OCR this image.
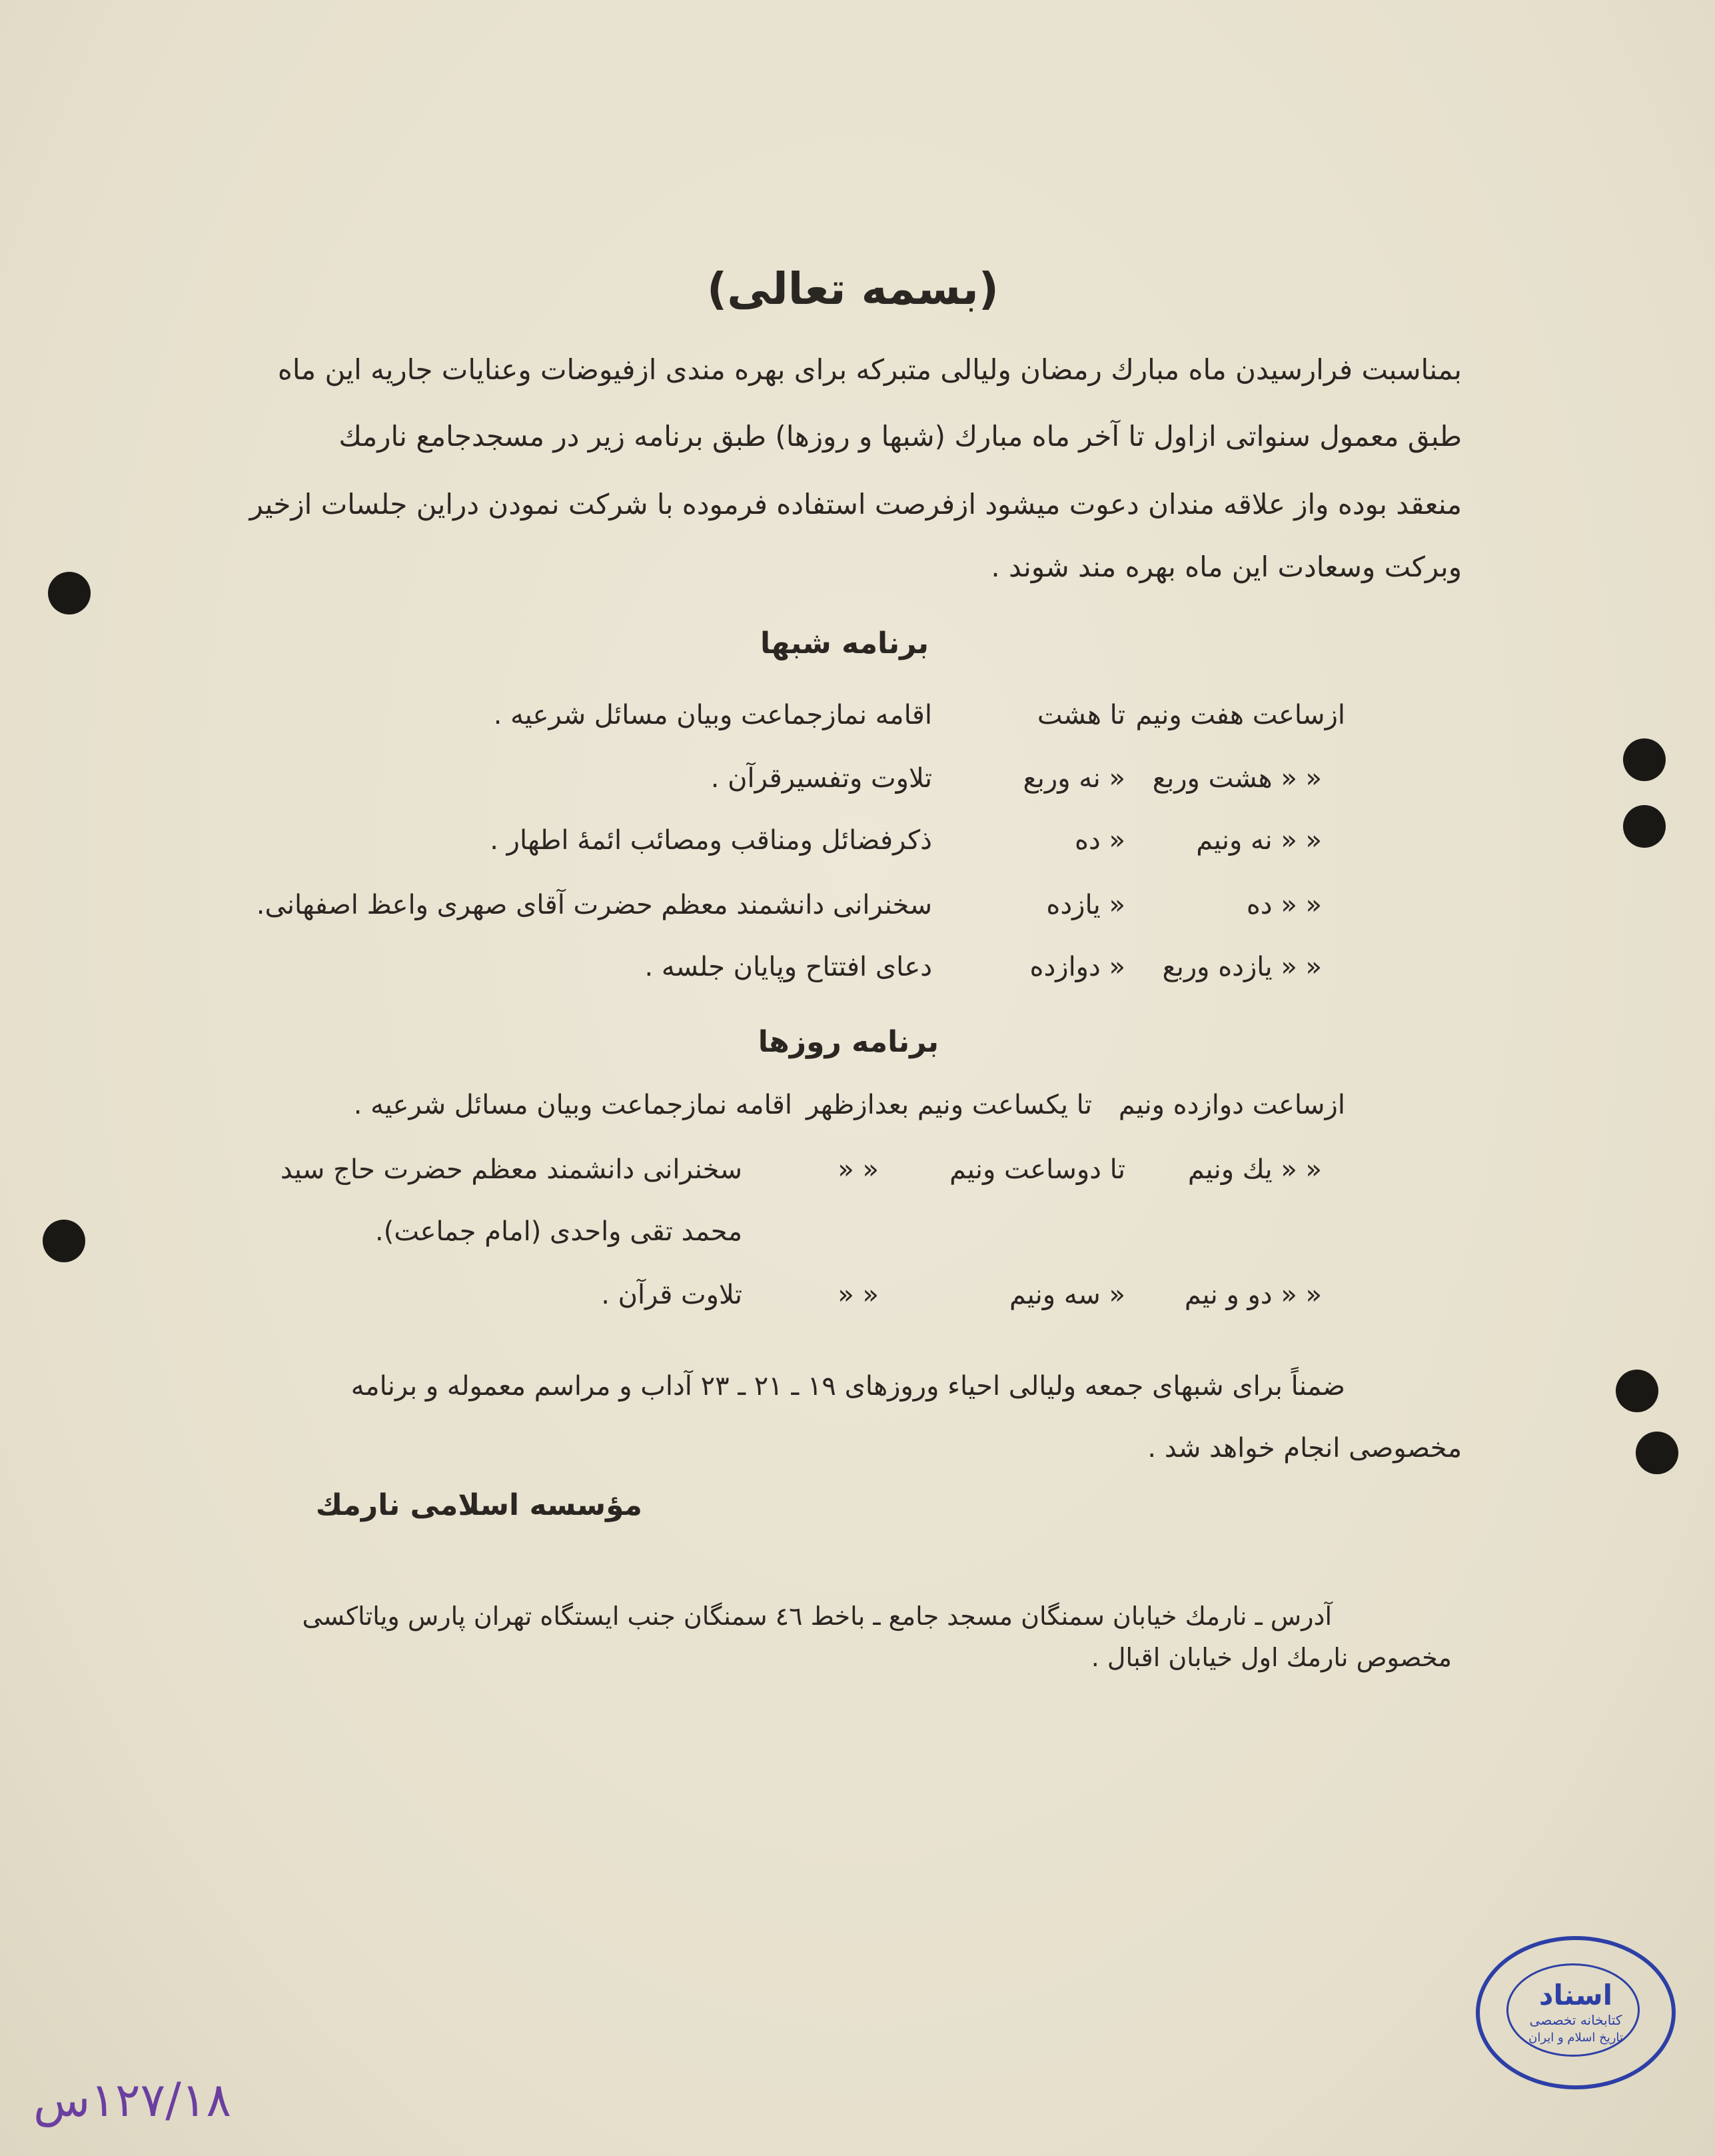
(بسمه تعالی)
بمناسبت فرارسیدن ماه مبارك رمضان ولیالی متبرکه برای بهره مندی ازفیوضات وعنایات جاریه این ماه
طبق معمول سنواتی ازاول تا آخر ماه مبارك (شبها و روزها) طبق برنامه زیر در مسجدجامع نارمك
منعقد بوده واز علاقه مندان دعوت میشود ازفرصت استفاده فرموده با شرکت نمودن دراین جلسات ازخیر
وبرکت وسعادت این ماه بهره مند شوند .
برنامه شبها
ازساعت هفت ونیم
تا هشت
اقامه نمازجماعت وبیان مسائل شرعیه .
« « هشت وربع
« نه وربع
تلاوت وتفسیرقرآن .
« « نه ونیم
« ده
ذکرفضائل ومناقب ومصائب ائمهٔ اطهار .
« « ده
« یازده
سخنرانی دانشمند معظم حضرت آقای صهری واعظ اصفهانی.
« « یازده وربع
« دوازده
دعای افتتاح وپایان جلسه .
برنامه روزها
ازساعت دوازده ونیم
تا یکساعت ونیم بعدازظهر
اقامه نمازجماعت وبیان مسائل شرعیه .
« « یك ونیم
تا دوساعت ونیم
« «
سخنرانی دانشمند معظم حضرت حاج سید
محمد تقی واحدی (امام جماعت).
« « دو و نیم
« سه ونیم
« «
تلاوت قرآن .
ضمناً برای شبهای جمعه ولیالی احیاء وروزهای ۱۹ ـ ۲۱ ـ ۲۳ آداب و مراسم معموله و برنامه
مخصوصی انجام خواهد شد .
مؤسسه اسلامی نارمك
آدرس ـ نارمك خیابان سمنگان مسجد جامع ـ باخط ٤٦ سمنگان جنب ایستگاه تهران پارس ویاتاکسی
مخصوص نارمك اول خیابان اقبال .
اسناد
کتابخانه تخصصی
تاریخ اسلام و ایران
۱۲۷/۱۸س
